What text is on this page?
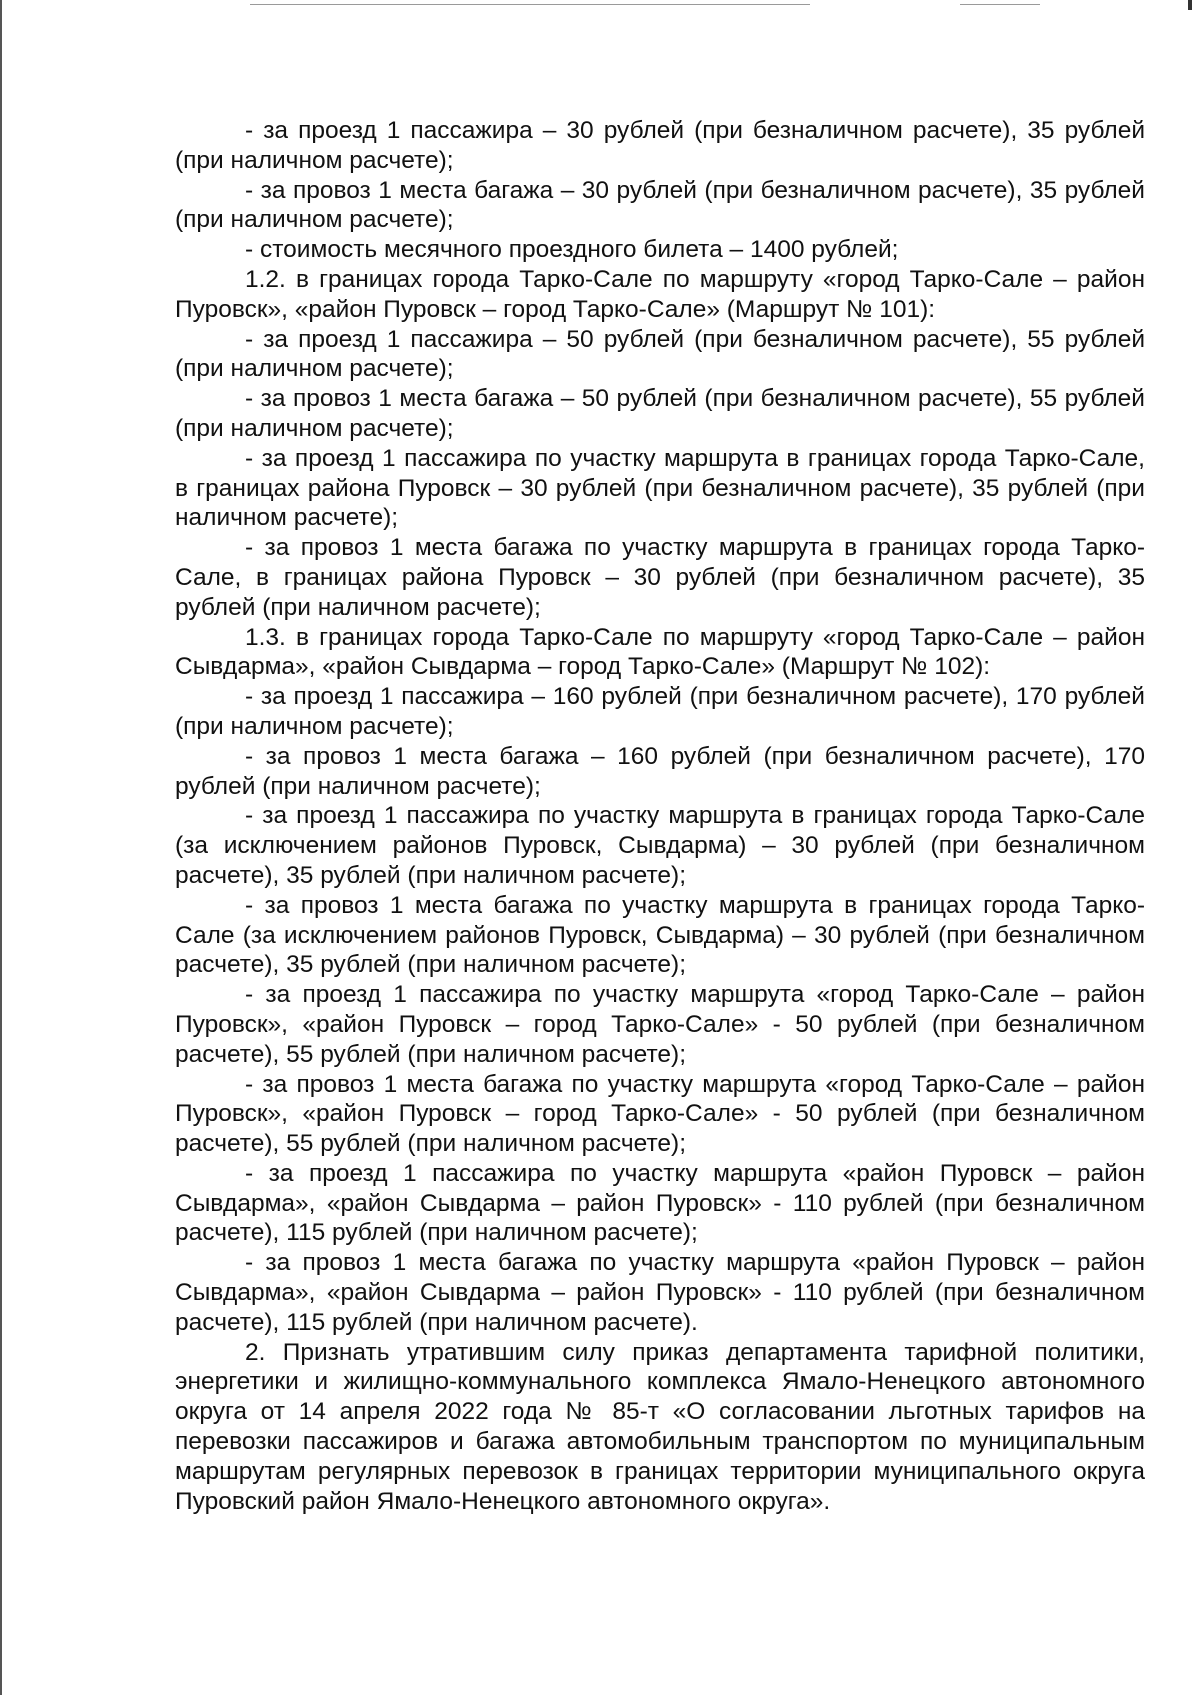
- за проезд 1 пассажира – 30 рублей (при безналичном расчете), 35 рублей (при наличном расчете);

- за провоз 1 места багажа – 30 рублей (при безналичном расчете), 35 рублей (при наличном расчете);

- стоимость месячного проездного билета – 1400 рублей;

1.2. в границах города Тарко-Сале по маршруту «город Тарко-Сале – район Пуровск», «район Пуровск – город Тарко-Сале» (Маршрут № 101):

- за проезд 1 пассажира – 50 рублей (при безналичном расчете), 55 рублей (при наличном расчете);

- за провоз 1 места багажа – 50 рублей (при безналичном расчете), 55 рублей (при наличном расчете);

- за проезд 1 пассажира по участку маршрута в границах города Тарко-Сале, в границах района Пуровск – 30 рублей (при безналичном расчете), 35 рублей (при наличном расчете);

- за провоз 1 места багажа по участку маршрута в границах города Тарко-Сале, в границах района Пуровск – 30 рублей (при безналичном расчете), 35 рублей (при наличном расчете);

1.3. в границах города Тарко-Сале по маршруту «город Тарко-Сале – район Сывдарма», «район Сывдарма – город Тарко-Сале» (Маршрут № 102):

- за проезд 1 пассажира – 160 рублей (при безналичном расчете), 170 рублей (при наличном расчете);

- за провоз 1 места багажа – 160 рублей (при безналичном расчете), 170 рублей (при наличном расчете);

- за проезд 1 пассажира по участку маршрута в границах города Тарко-Сале (за исключением районов Пуровск, Сывдарма) – 30 рублей (при безналичном расчете), 35 рублей (при наличном расчете);

- за провоз 1 места багажа по участку маршрута в границах города Тарко-Сале (за исключением районов Пуровск, Сывдарма) – 30 рублей (при безналичном расчете), 35 рублей (при наличном расчете);

- за проезд 1 пассажира по участку маршрута «город Тарко-Сале – район Пуровск», «район Пуровск – город Тарко-Сале» - 50 рублей (при безналичном расчете), 55 рублей (при наличном расчете);

- за провоз 1 места багажа по участку маршрута «город Тарко-Сале – район Пуровск», «район Пуровск – город Тарко-Сале» - 50 рублей (при безналичном расчете), 55 рублей (при наличном расчете);

- за проезд 1 пассажира по участку маршрута «район Пуровск – район Сывдарма», «район Сывдарма – район Пуровск» - 110 рублей (при безналичном расчете), 115 рублей (при наличном расчете);

- за провоз 1 места багажа по участку маршрута «район Пуровск – район Сывдарма», «район Сывдарма – район Пуровск» - 110 рублей (при безналичном расчете), 115 рублей (при наличном расчете).

2. Признать утратившим силу приказ департамента тарифной политики, энергетики и жилищно-коммунального комплекса Ямало-Ненецкого автономного округа от 14 апреля 2022 года № 85-т «О согласовании льготных тарифов на перевозки пассажиров и багажа автомобильным транспортом по муниципальным маршрутам регулярных перевозок в границах территории муниципального округа Пуровский район Ямало-Ненецкого автономного округа».
